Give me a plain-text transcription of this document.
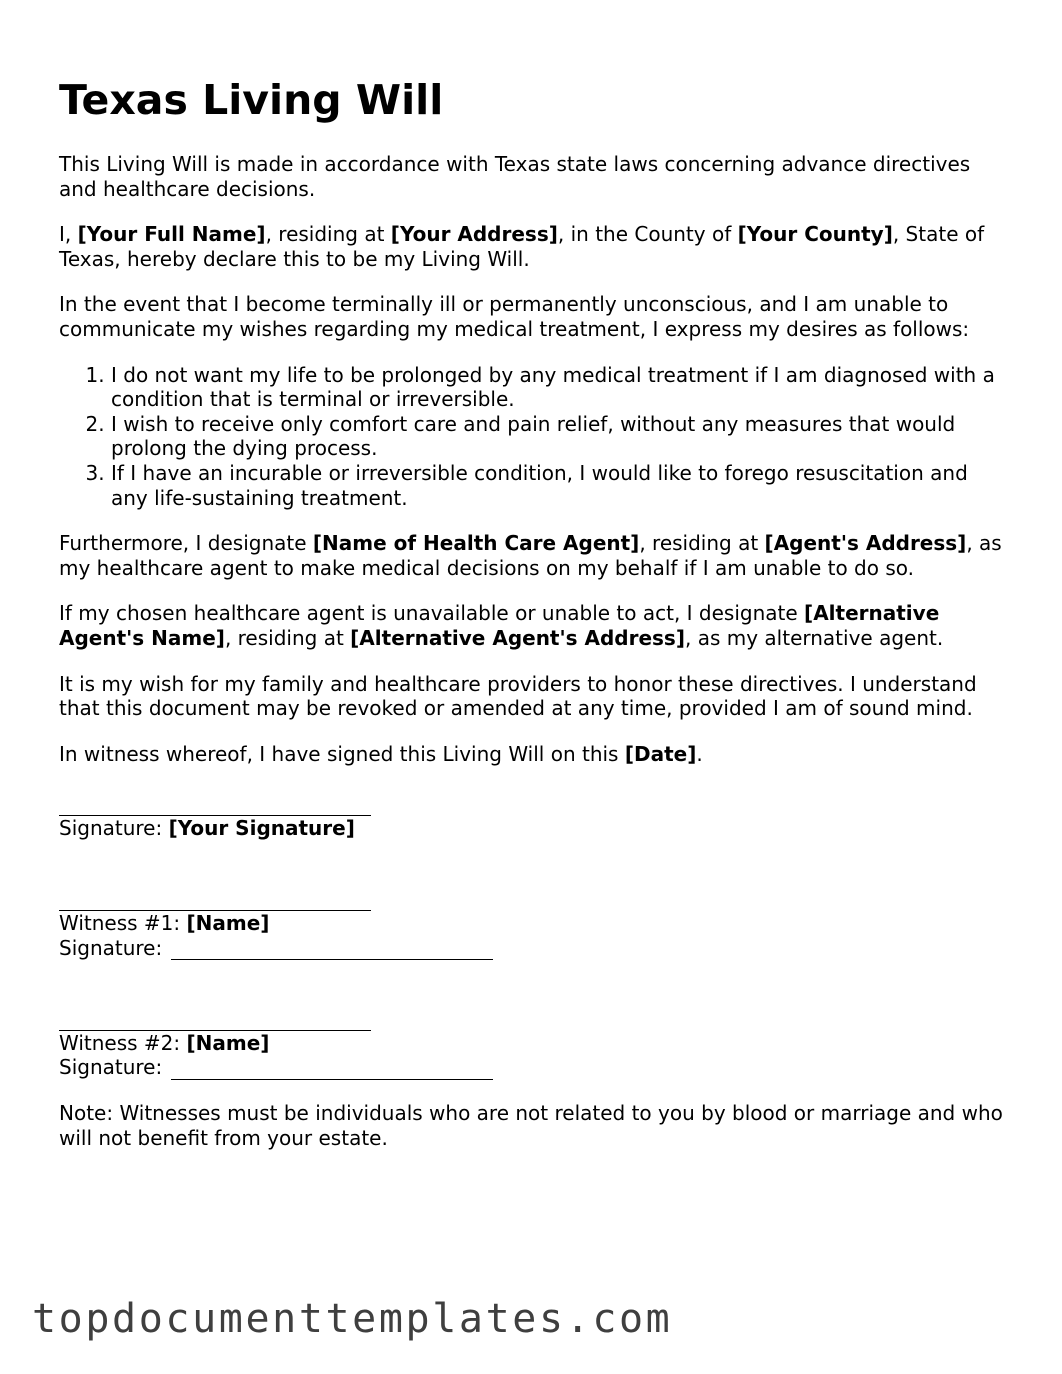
Texas Living Will

This Living Will is made in accordance with Texas state laws concerning advance directives and healthcare decisions.

I, [Your Full Name], residing at [Your Address], in the County of [Your County], State of Texas, hereby declare this to be my Living Will.

In the event that I become terminally ill or permanently unconscious, and I am unable to communicate my wishes regarding my medical treatment, I express my desires as follows:

1. I do not want my life to be prolonged by any medical treatment if I am diagnosed with a condition that is terminal or irreversible.
2. I wish to receive only comfort care and pain relief, without any measures that would prolong the dying process.
3. If I have an incurable or irreversible condition, I would like to forego resuscitation and any life-sustaining treatment.

Furthermore, I designate [Name of Health Care Agent], residing at [Agent's Address], as my healthcare agent to make medical decisions on my behalf if I am unable to do so.

If my chosen healthcare agent is unavailable or unable to act, I designate [Alternative Agent's Name], residing at [Alternative Agent's Address], as my alternative agent.

It is my wish for my family and healthcare providers to honor these directives. I understand that this document may be revoked or amended at any time, provided I am of sound mind.

In witness whereof, I have signed this Living Will on this [Date].

Signature: [Your Signature]
Witness #1: [Name]
Signature:
Witness #2: [Name]
Signature:

Note: Witnesses must be individuals who are not related to you by blood or marriage and who will not benefit from your estate.

topdocumenttemplates.com
